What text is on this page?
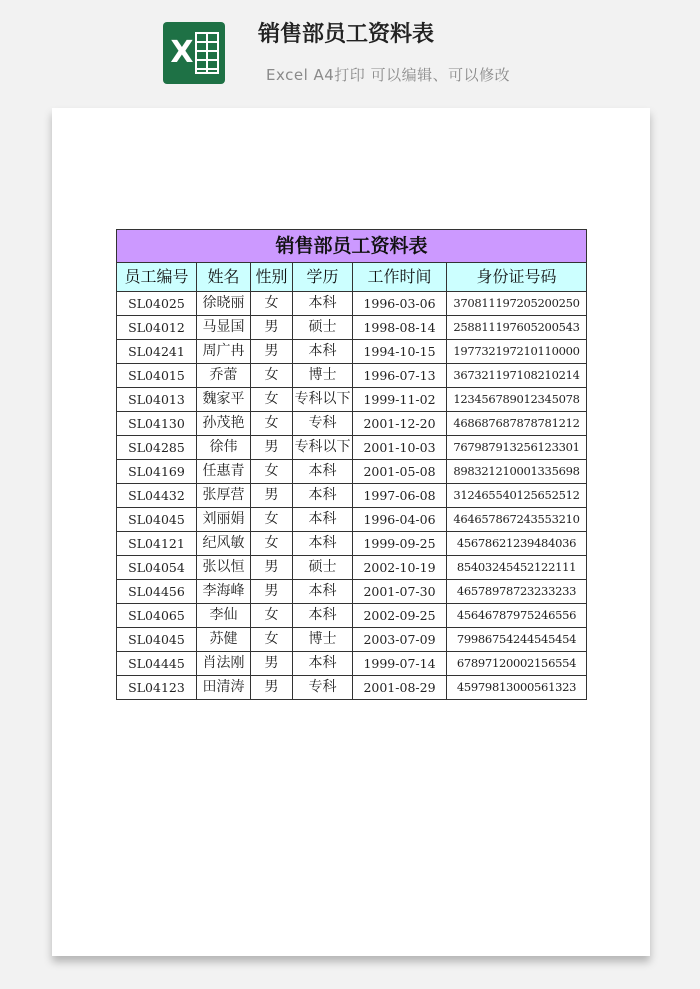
X
销售部员工资料表
Excel A4打印 可以编辑、可以修改
销售部员工资料表					
员工编号	姓名	性别	学历	工作时间	身份证号码
SL04025	徐晓丽	女	本科	1996-03-06	370811197205200250
SL04012	马显国	男	硕士	1998-08-14	258811197605200543
SL04241	周广冉	男	本科	1994-10-15	197732197210110000
SL04015	乔蕾	女	博士	1996-07-13	367321197108210214
SL04013	魏家平	女	专科以下	1999-11-02	123456789012345078
SL04130	孙茂艳	女	专科	2001-12-20	468687687878781212
SL04285	徐伟	男	专科以下	2001-10-03	767987913256123301
SL04169	任惠青	女	本科	2001-05-08	898321210001335698
SL04432	张厚营	男	本科	1997-06-08	312465540125652512
SL04045	刘丽娟	女	本科	1996-04-06	464657867243553210
SL04121	纪风敏	女	本科	1999-09-25	45678621239484036
SL04054	张以恒	男	硕士	2002-10-19	85403245452122111
SL04456	李海峰	男	本科	2001-07-30	46578978723233233
SL04065	李仙	女	本科	2002-09-25	45646787975246556
SL04045	苏健	女	博士	2003-07-09	79986754244545454
SL04445	肖法刚	男	本科	1999-07-14	67897120002156554
SL04123	田清涛	男	专科	2001-08-29	45979813000561323
